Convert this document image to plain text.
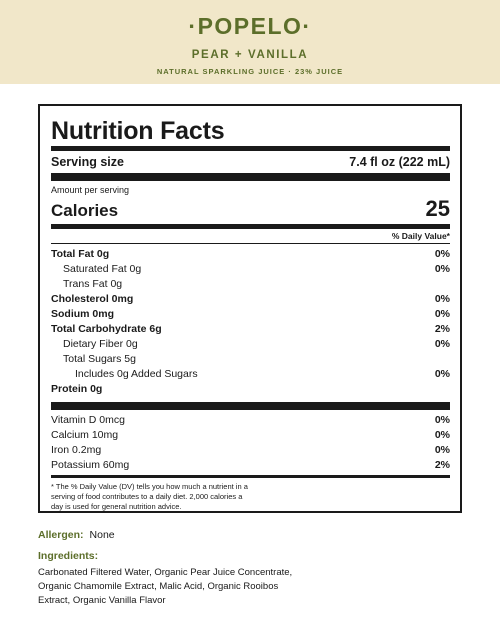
·POPELO·
PEAR + VANILLA
NATURAL SPARKLING JUICE · 23% JUICE
Nutrition Facts
Serving size	7.4 fl oz (222 mL)
Amount per serving
Calories	25
% Daily Value*
Total Fat 0g	0%
Saturated Fat 0g	0%
Trans Fat 0g
Cholesterol 0mg	0%
Sodium 0mg	0%
Total Carbohydrate 6g	2%
Dietary Fiber 0g	0%
Total Sugars 5g
Includes 0g Added Sugars	0%
Protein 0g
Vitamin D 0mcg	0%
Calcium 10mg	0%
Iron 0.2mg	0%
Potassium 60mg	2%
* The % Daily Value (DV) tells you how much a nutrient in a serving of food contributes to a daily diet. 2,000 calories a day is used for general nutrition advice.
Allergen: None
Ingredients:
Carbonated Filtered Water, Organic Pear Juice Concentrate, Organic Chamomile Extract, Malic Acid, Organic Rooibos Extract, Organic Vanilla Flavor
